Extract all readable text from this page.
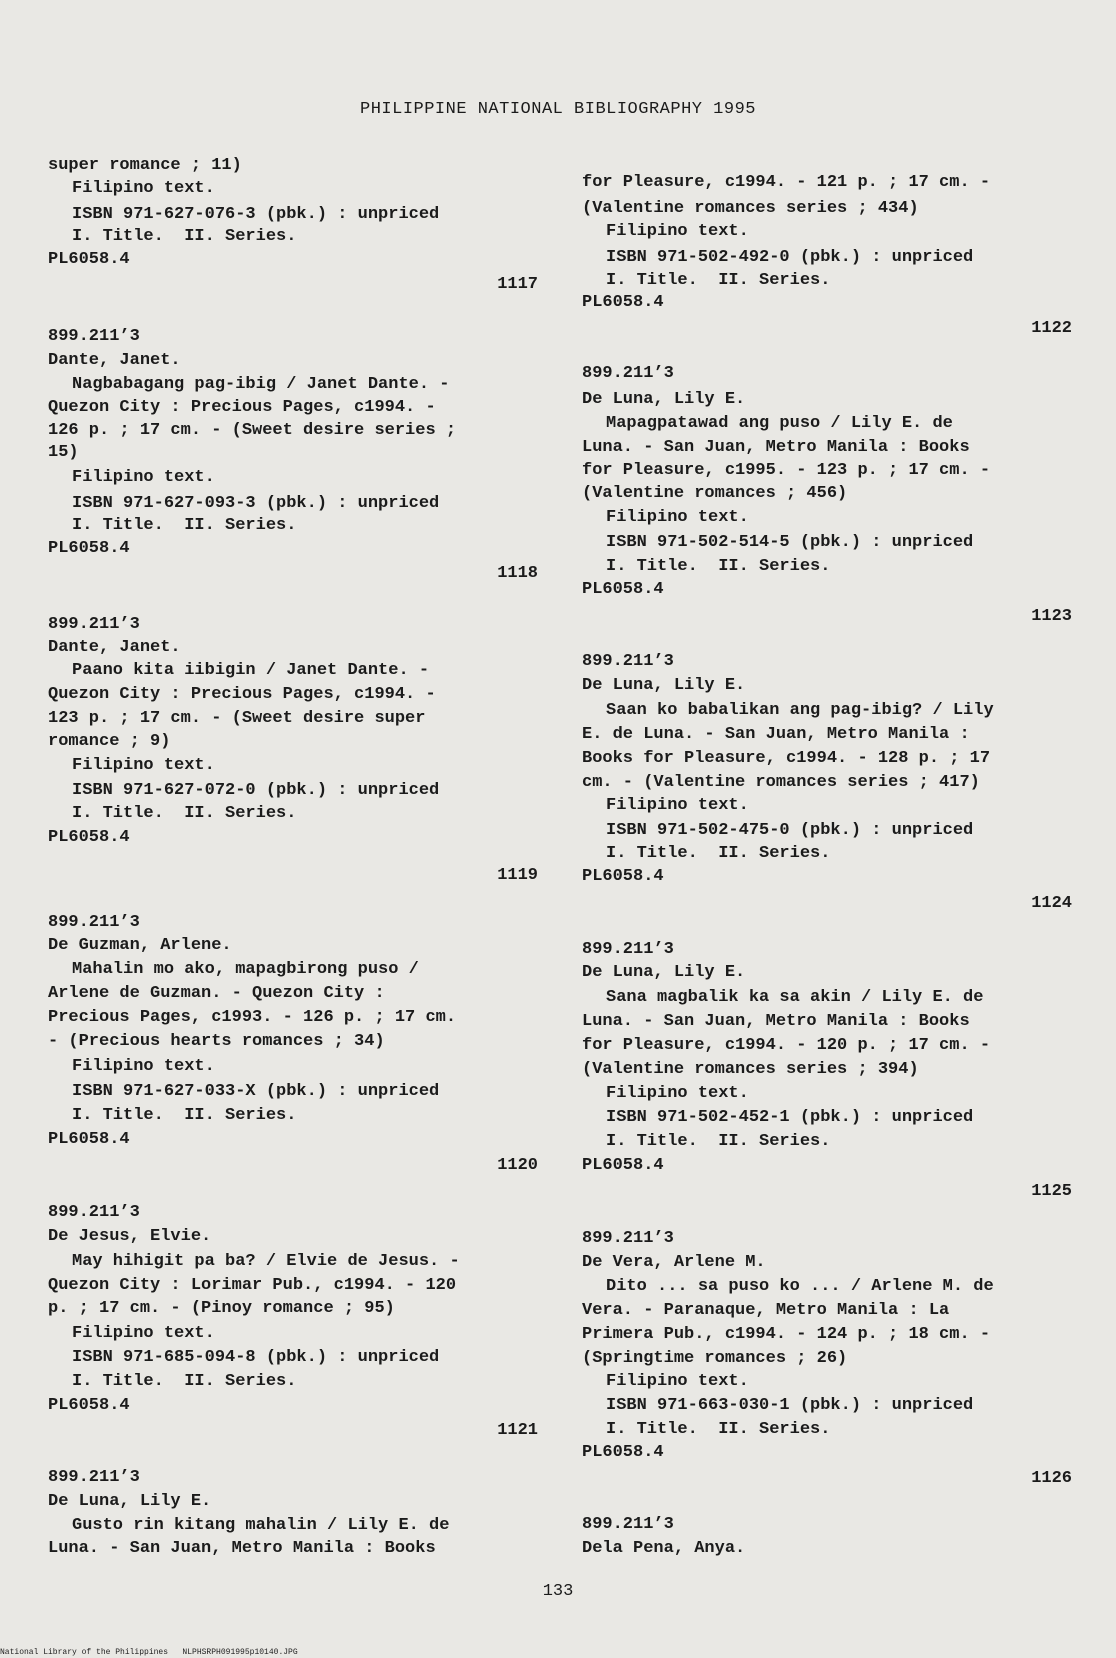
PHILIPPINE NATIONAL BIBLIOGRAPHY 1995
super romance ; 11)
Filipino text.
ISBN 971-627-076-3 (pbk.) : unpriced
I. Title.  II. Series.
PL6058.4
1117
899.211’3
Dante, Janet.
Nagbabagang pag-ibig / Janet Dante. -
Quezon City : Precious Pages, c1994. -
126 p. ; 17 cm. - (Sweet desire series ;
15)
Filipino text.
ISBN 971-627-093-3 (pbk.) : unpriced
I. Title.  II. Series.
PL6058.4
1118
899.211’3
Dante, Janet.
Paano kita iibigin / Janet Dante. -
Quezon City : Precious Pages, c1994. -
123 p. ; 17 cm. - (Sweet desire super
romance ; 9)
Filipino text.
ISBN 971-627-072-0 (pbk.) : unpriced
I. Title.  II. Series.
PL6058.4
1119
899.211’3
De Guzman, Arlene.
Mahalin mo ako, mapagbirong puso /
Arlene de Guzman. - Quezon City :
Precious Pages, c1993. - 126 p. ; 17 cm.
- (Precious hearts romances ; 34)
Filipino text.
ISBN 971-627-033-X (pbk.) : unpriced
I. Title.  II. Series.
PL6058.4
1120
899.211’3
De Jesus, Elvie.
May hihigit pa ba? / Elvie de Jesus. -
Quezon City : Lorimar Pub., c1994. - 120
p. ; 17 cm. - (Pinoy romance ; 95)
Filipino text.
ISBN 971-685-094-8 (pbk.) : unpriced
I. Title.  II. Series.
PL6058.4
1121
899.211’3
De Luna, Lily E.
Gusto rin kitang mahalin / Lily E. de
Luna. - San Juan, Metro Manila : Books
for Pleasure, c1994. - 121 p. ; 17 cm. -
(Valentine romances series ; 434)
Filipino text.
ISBN 971-502-492-0 (pbk.) : unpriced
I. Title.  II. Series.
PL6058.4
1122
899.211’3
De Luna, Lily E.
Mapagpatawad ang puso / Lily E. de
Luna. - San Juan, Metro Manila : Books
for Pleasure, c1995. - 123 p. ; 17 cm. -
(Valentine romances ; 456)
Filipino text.
ISBN 971-502-514-5 (pbk.) : unpriced
I. Title.  II. Series.
PL6058.4
1123
899.211’3
De Luna, Lily E.
Saan ko babalikan ang pag-ibig? / Lily
E. de Luna. - San Juan, Metro Manila :
Books for Pleasure, c1994. - 128 p. ; 17
cm. - (Valentine romances series ; 417)
Filipino text.
ISBN 971-502-475-0 (pbk.) : unpriced
I. Title.  II. Series.
PL6058.4
1124
899.211’3
De Luna, Lily E.
Sana magbalik ka sa akin / Lily E. de
Luna. - San Juan, Metro Manila : Books
for Pleasure, c1994. - 120 p. ; 17 cm. -
(Valentine romances series ; 394)
Filipino text.
ISBN 971-502-452-1 (pbk.) : unpriced
I. Title.  II. Series.
PL6058.4
1125
899.211’3
De Vera, Arlene M.
Dito ... sa puso ko ... / Arlene M. de
Vera. - Paranaque, Metro Manila : La
Primera Pub., c1994. - 124 p. ; 18 cm. -
(Springtime romances ; 26)
Filipino text.
ISBN 971-663-030-1 (pbk.) : unpriced
I. Title.  II. Series.
PL6058.4
1126
899.211’3
Dela Pena, Anya.
133
National Library of the Philippines   NLPHSRPH091995p10140.JPG
